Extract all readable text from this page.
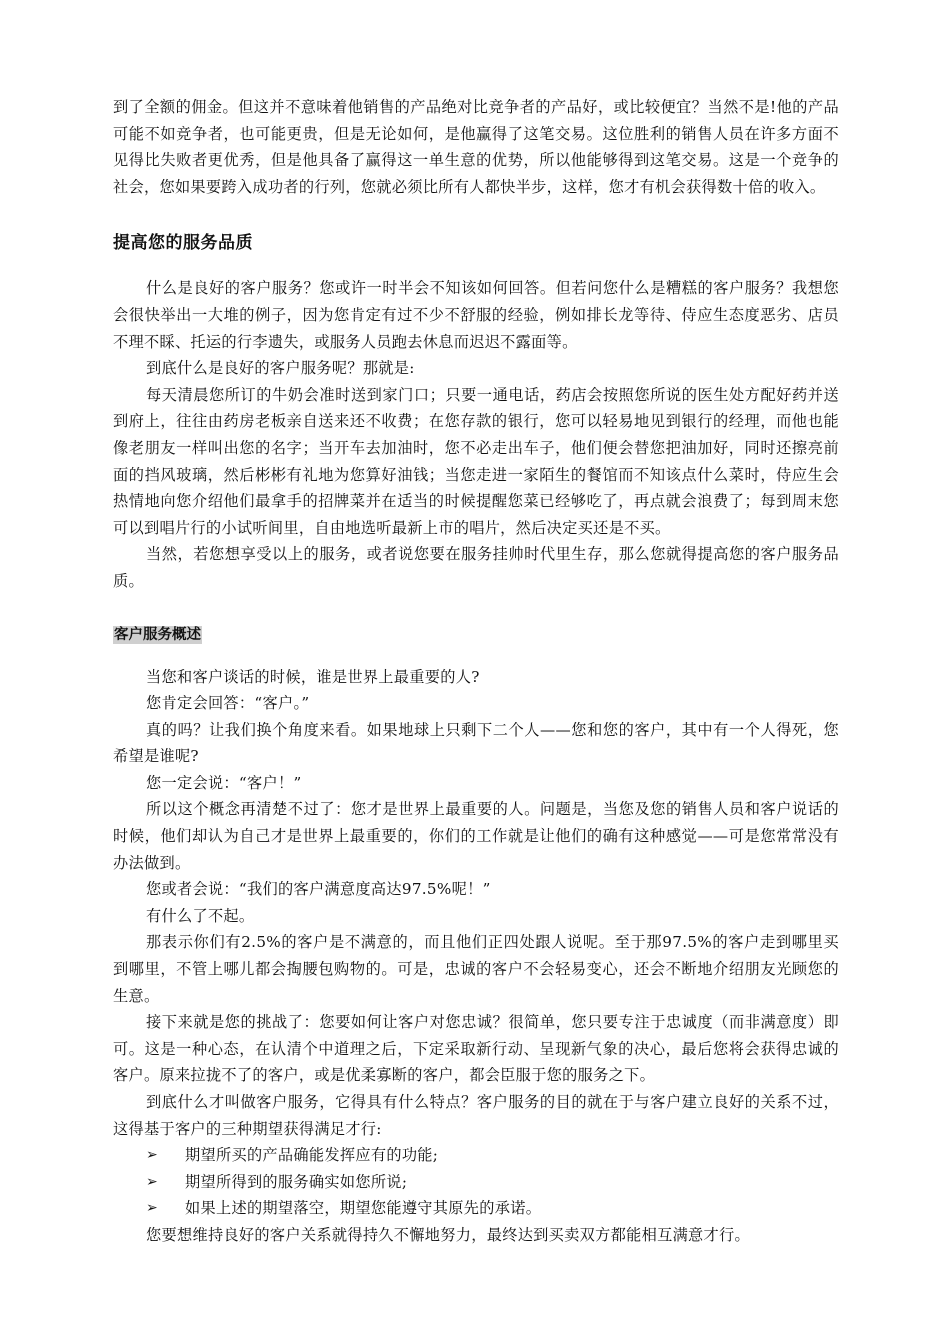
到了全额的佣金。但这并不意味着他销售的产品绝对比竞争者的产品好，或比较便宜？当然不是!他的产品可能不如竞争者，也可能更贵，但是无论如何，是他赢得了这笔交易。这位胜利的销售人员在许多方面不见得比失败者更优秀，但是他具备了赢得这一单生意的优势，所以他能够得到这笔交易。这是一个竞争的社会，您如果要跨入成功者的行列，您就必须比所有人都快半步，这样，您才有机会获得数十倍的收入。

提高您的服务品质

什么是良好的客户服务？您或许一时半会不知该如何回答。但若问您什么是糟糕的客户服务？我想您会很快举出一大堆的例子，因为您肯定有过不少不舒服的经验，例如排长龙等待、侍应生态度恶劣、店员不理不睬、托运的行李遗失，或服务人员跑去休息而迟迟不露面等。

到底什么是良好的客户服务呢？那就是:

每天清晨您所订的牛奶会准时送到家门口；只要一通电话，药店会按照您所说的医生处方配好药并送到府上，往往由药房老板亲自送来还不收费；在您存款的银行，您可以轻易地见到银行的经理，而他也能像老朋友一样叫出您的名字；当开车去加油时，您不必走出车子，他们便会替您把油加好，同时还擦亮前面的挡风玻璃，然后彬彬有礼地为您算好油钱；当您走进一家陌生的餐馆而不知该点什么菜时，侍应生会热情地向您介绍他们最拿手的招牌菜并在适当的时候提醒您菜已经够吃了，再点就会浪费了；每到周末您可以到唱片行的小试听间里，自由地选听最新上市的唱片，然后决定买还是不买。

当然，若您想享受以上的服务，或者说您要在服务挂帅时代里生存，那么您就得提高您的客户服务品质。

客户服务概述

当您和客户谈话的时候，谁是世界上最重要的人?

您肯定会回答：“客户。”

真的吗？让我们换个角度来看。如果地球上只剩下二个人——您和您的客户，其中有一个人得死，您希望是谁呢?

您一定会说：“客户！”

所以这个概念再清楚不过了：您才是世界上最重要的人。问题是，当您及您的销售人员和客户说话的时候，他们却认为自己才是世界上最重要的，你们的工作就是让他们的确有这种感觉——可是您常常没有办法做到。

您或者会说：“我们的客户满意度高达97.5%呢！”

有什么了不起。

那表示你们有2.5%的客户是不满意的，而且他们正四处跟人说呢。至于那97.5%的客户走到哪里买到哪里，不管上哪儿都会掏腰包购物的。可是，忠诚的客户不会轻易变心，还会不断地介绍朋友光顾您的生意。

接下来就是您的挑战了：您要如何让客户对您忠诚？很简单，您只要专注于忠诚度（而非满意度）即可。这是一种心态，在认清个中道理之后，下定采取新行动、呈现新气象的决心，最后您将会获得忠诚的客户。原来拉拢不了的客户，或是优柔寡断的客户，都会臣服于您的服务之下。

到底什么才叫做客户服务，它得具有什么特点？客户服务的目的就在于与客户建立良好的关系不过，这得基于客户的三种期望获得满足才行:

➢ 期望所买的产品确能发挥应有的功能;
➢ 期望所得到的服务确实如您所说;
➢ 如果上述的期望落空，期望您能遵守其原先的承诺。

您要想维持良好的客户关系就得持久不懈地努力，最终达到买卖双方都能相互满意才行。
